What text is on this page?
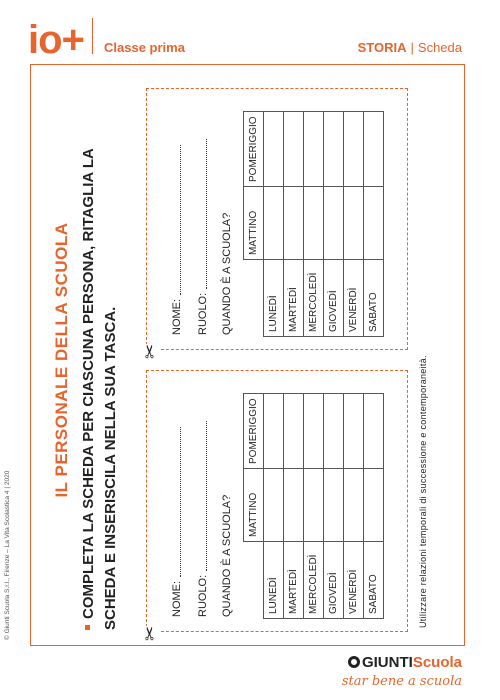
io+ Classe prima	STORIA | Scheda
© Giunti Scuola S.r.l., Firenze – La Vita Scolastica 4 | 2020
IL PERSONALE DELLA SCUOLA COMPLETA LA SCHEDA PER CIASCUNA PERSONA, RITAGLIA LA SCHEDA E INSERISCILA NELLA SUA TASCA.
✂
NOME: RUOLO: QUANDO È A SCUOLA?
	MATTINO	POMERIGGIO
LUNEDÌ		
MARTEDÌ		
MERCOLEDÌ		
GIOVEDÌ		
VENERDÌ		
SABATO		
✂
NOME: RUOLO: QUANDO È A SCUOLA?
	MATTINO	POMERIGGIO
LUNEDÌ		
MARTEDÌ		
MERCOLEDÌ		
GIOVEDÌ		
VENERDÌ		
SABATO		
Utilizzare relazioni temporali di successione e contemporaneità.
GIUNTIScuola
star bene a scuola
